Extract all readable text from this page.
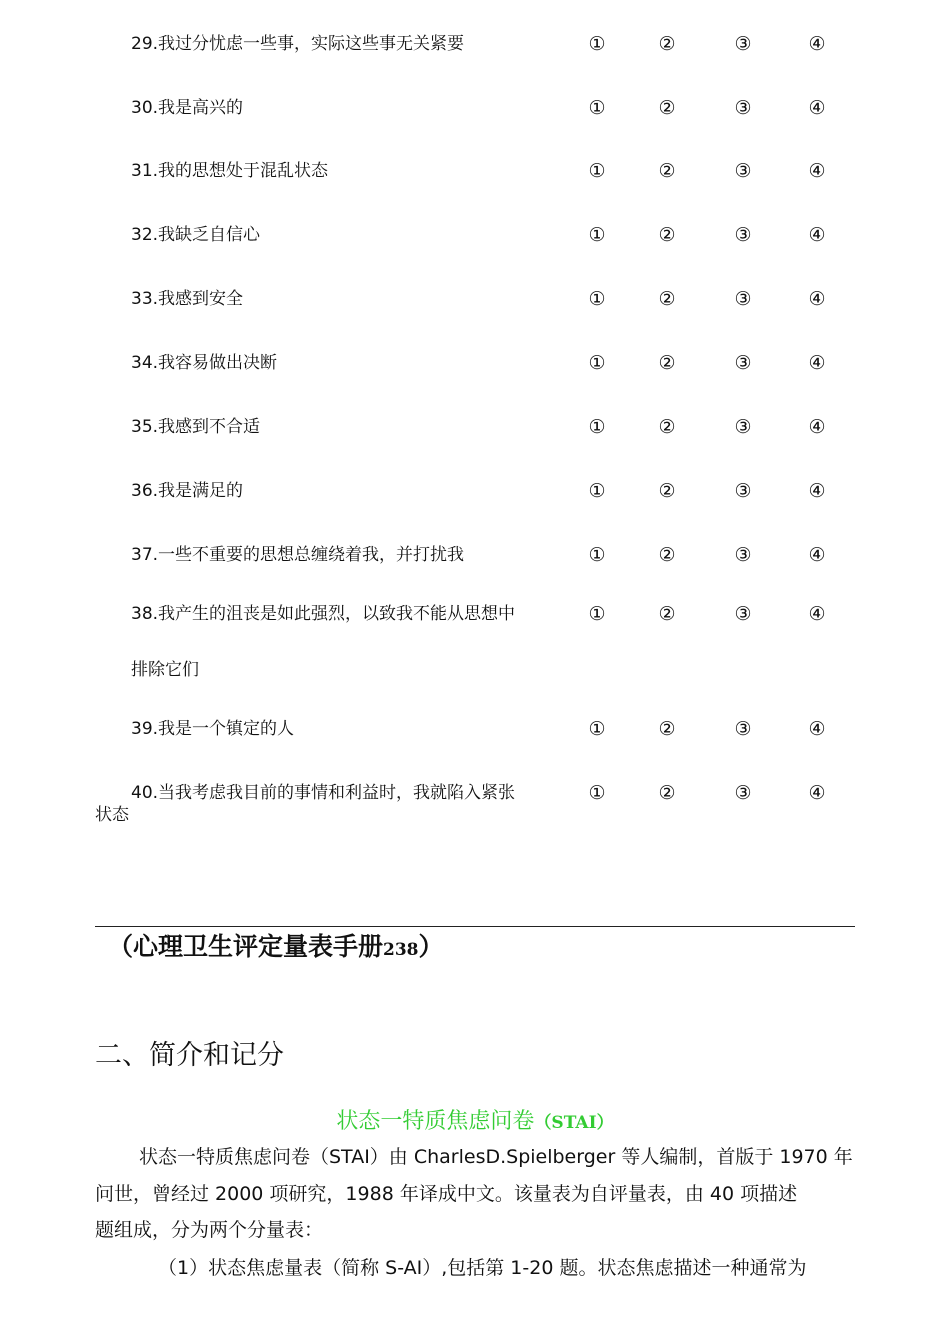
29.我过分忧虑一些事，实际这些事无关紧要	①	②	③	④
30.我是高兴的	①	②	③	④
31.我的思想处于混乱状态	①	②	③	④
32.我缺乏自信心	①	②	③	④
33.我感到安全	①	②	③	④
34.我容易做出决断	①	②	③	④
35.我感到不合适	①	②	③	④
36.我是满足的	①	②	③	④
37.一些不重要的思想总缠绕着我，并打扰我	①	②	③	④
38.我产生的沮丧是如此强烈，以致我不能从思想中	①	②	③	④
排除它们
39.我是一个镇定的人	①	②	③	④
40.当我考虑我目前的事情和利益时，我就陷入紧张	①	②	③	④
状态
（心理卫生评定量表手册238）
二、简介和记分
状态一特质焦虑问卷（STAI）
状态一特质焦虑问卷（STAI）由 CharlesD.Spielberger 等人编制，首版于 1970 年
问世，曾经过 2000 项研究，1988 年译成中文。该量表为自评量表，由 40 项描述
题组成，分为两个分量表：
（1）状态焦虑量表（简称 S-AI）,包括第 1-20 题。状态焦虑描述一种通常为
